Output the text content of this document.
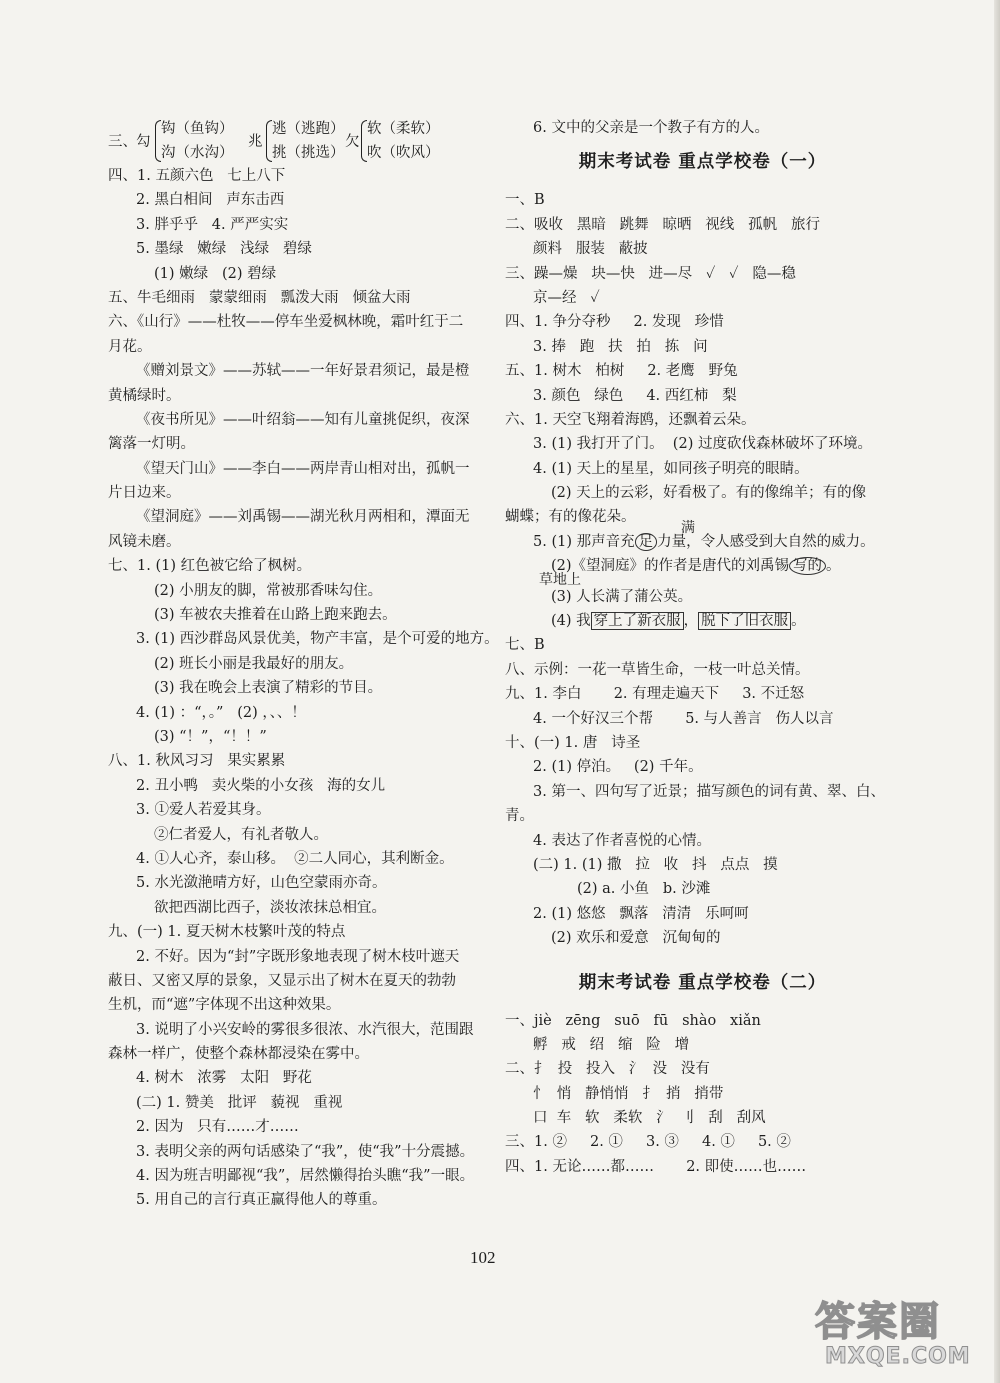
三、 勾
钩（鱼钩）
沟（水沟）
兆
逃（逃跑）
挑（挑选）
欠
软（柔软）
吹（吹风）
四、1. 五颜六色   七上八下
2. 黑白相间   声东击西
3. 胖乎乎   4. 严严实实
5. 墨绿   嫩绿   浅绿   碧绿
(1) 嫩绿   (2) 碧绿
五、牛毛细雨   蒙蒙细雨   瓢泼大雨   倾盆大雨
六、《山行》——杜牧——停车坐爱枫林晚，霜叶红于二
月花。
《赠刘景文》——苏轼——一年好景君须记，最是橙
黄橘绿时。
《夜书所见》——叶绍翁——知有儿童挑促织，夜深
篱落一灯明。
《望天门山》——李白——两岸青山相对出，孤帆一
片日边来。
《望洞庭》——刘禹锡——湖光秋月两相和，潭面无
风镜未磨。
七、1. (1) 红色被它给了枫树。
(2) 小朋友的脚，常被那香味勾住。
(3) 车被农夫推着在山路上跑来跑去。
3. (1) 西沙群岛风景优美，物产丰富，是个可爱的地方。
(2) 班长小丽是我最好的朋友。
(3) 我在晚会上表演了精彩的节目。
4. (1) ：“，。”   (2) ，、、！
(3) “！”，“！！”
八、1. 秋风习习   果实累累
2. 丑小鸭   卖火柴的小女孩   海的女儿
3. ①爱人若爱其身。
②仁者爱人，有礼者敬人。
4. ①人心齐，泰山移。  ②二人同心，其利断金。
5. 水光潋滟晴方好，山色空蒙雨亦奇。
欲把西湖比西子，淡妆浓抹总相宜。
九、(一) 1. 夏天树木枝繁叶茂的特点
2. 不好。因为“封”字既形象地表现了树木枝叶遮天
蔽日、又密又厚的景象，又显示出了树木在夏天的勃勃
生机，而“遮”字体现不出这种效果。
3. 说明了小兴安岭的雾很多很浓、水汽很大，范围跟
森林一样广，使整个森林都浸染在雾中。
4. 树木   浓雾   太阳   野花
(二) 1. 赞美   批评   藐视   重视
2. 因为   只有……才……
3. 表明父亲的两句话感染了“我”，使“我”十分震撼。
4. 因为班吉明鄙视“我”，居然懒得抬头瞧“我”一眼。
5. 用自己的言行真正赢得他人的尊重。
6. 文中的父亲是一个教子有方的人。
期末考试卷 重点学校卷（一）
一、B
二、吸收   黑暗   跳舞   晾晒   视线   孤帆   旅行
颜料   服装   蔽披
三、躁—燥   块—快   进—尽   ✓   ✓   隐—稳
京—经   ✓
四、1. 争分夺秒     2. 发现   珍惜
3. 捧   跑   扶   拍   拣   问
五、1. 树木   柏树     2. 老鹰   野兔
3. 颜色   绿色     4. 西红柿   梨
六、1. 天空飞翔着海鸥，还飘着云朵。
3. (1) 我打开了门。  (2) 过度砍伐森林破坏了环境。
4. (1) 天上的星星，如同孩子明亮的眼睛。
(2) 天上的云彩，好看极了。有的像绵羊；有的像
蝴蝶；有的像花朵。
5. (1) 那声音充 足 力量，令人感受到大自然的威力。
满
(2)《望洞庭》的作者是唐代的刘禹锡 写的 。
草地上
(3) 人长满了蒲公英。
(4) 我 穿上了新衣服 ， 脱下了旧衣服 。
七、B
八、示例：一花一草皆生命，一枝一叶总关情。
九、1. 李白       2. 有理走遍天下     3. 不迁怒
4. 一个好汉三个帮       5. 与人善言   伤人以言
十、(一) 1. 唐   诗圣
2. (1) 停泊。   (2) 千年。
3. 第一、四句写了近景；描写颜色的词有黄、翠、白、
青。
4. 表达了作者喜悦的心情。
(二) 1. (1) 撒   拉   收   抖   点点   摸
(2) a. 小鱼   b. 沙滩
2. (1) 悠悠   飘落   清清   乐呵呵
(2) 欢乐和爱意   沉甸甸的
期末考试卷 重点学校卷（二）
一、jiè   zēng   suō   fū   shào   xiǎn
孵   戒   绍   缩   险   增
二、扌  投   投入   氵  没   没有
忄  悄   静悄悄   扌  捎   捎带
口  车   软   柔软   氵  刂   刮   刮风
三、1. ②     2. ①     3. ③     4. ①     5. ②
四、1. 无论……都……       2. 即使……也……
102
答案圈
MXQE.COM
